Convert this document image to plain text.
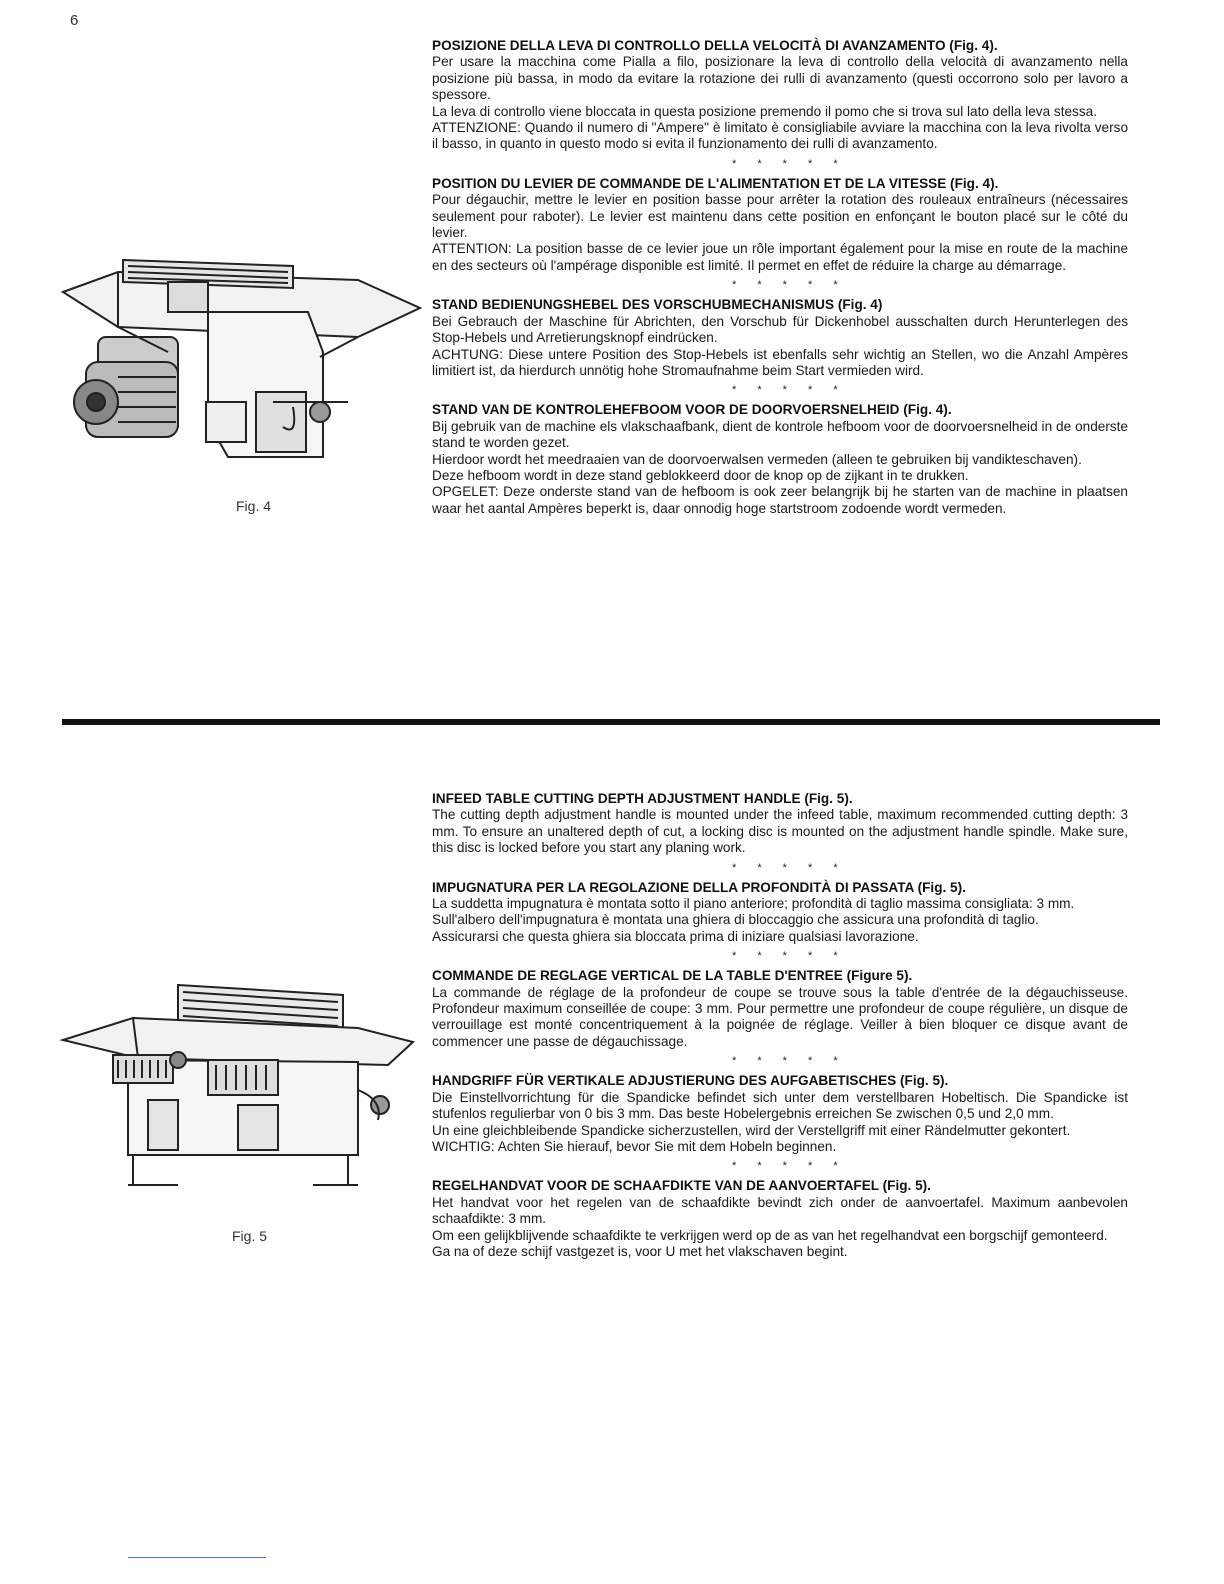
6
Fig. 4
POSIZIONE DELLA LEVA DI CONTROLLO DELLA VELOCITÀ DI AVANZAMENTO (Fig. 4).

Per usare la macchina come Pialla a filo, posizionare la leva di controllo della velocità di avanzamento nella posizione più bassa, in modo da evitare la rotazione dei rulli di avanzamento (questi occorrono solo per lavoro a spessore.

La leva di controllo viene bloccata in questa posizione premendo il pomo che si trova sul lato della leva stessa.

ATTENZIONE: Quando il numero di "Ampere" è limitato è consigliabile avviare la macchina con la leva rivolta verso il basso, in quanto in questo modo si evita il funzionamento dei rulli di avanzamento.

* * * * *
POSITION DU LEVIER DE COMMANDE DE L'ALIMENTATION ET DE LA VITESSE (Fig. 4).

Pour dégauchir, mettre le levier en position basse pour arrêter la rotation des rouleaux entraîneurs (nécessaires seulement pour raboter). Le levier est maintenu dans cette position en enfonçant le bouton placé sur le côté du levier.

ATTENTION: La position basse de ce levier joue un rôle important également pour la mise en route de la machine en des secteurs où l'ampérage disponible est limité. Il permet en effet de réduire la charge au démarrage.

* * * * *
STAND BEDIENUNGSHEBEL DES VORSCHUBMECHANISMUS (Fig. 4)

Bei Gebrauch der Maschine für Abrichten, den Vorschub für Dickenhobel ausschalten durch Herunterlegen des Stop-Hebels und Arretierungsknopf eindrücken.

ACHTUNG: Diese untere Position des Stop-Hebels ist ebenfalls sehr wichtig an Stellen, wo die Anzahl Ampères limitiert ist, da hierdurch unnötig hohe Stromaufnahme beim Start vermieden wird.

* * * * *
STAND VAN DE KONTROLEHEFBOOM VOOR DE DOORVOERSNELHEID (Fig. 4).

Bij gebruik van de machine els vlakschaafbank, dient de kontrole hefboom voor de doorvoersnelheid in de onderste stand te worden gezet.

Hierdoor wordt het meedraaien van de doorvoerwalsen vermeden (alleen te gebruiken bij vandikteschaven).

Deze hefboom wordt in deze stand geblokkeerd door de knop op de zijkant in te drukken.

OPGELET: Deze onderste stand van de hefboom is ook zeer belangrijk bij he starten van de machine in plaatsen waar het aantal Ampères beperkt is, daar onnodig hoge startstroom zodoende wordt vermeden.

Fig. 5
INFEED TABLE CUTTING DEPTH ADJUSTMENT HANDLE (Fig. 5).

The cutting depth adjustment handle is mounted under the infeed table, maximum recommended cutting depth: 3 mm. To ensure an unaltered depth of cut, a locking disc is mounted on the adjustment handle spindle. Make sure, this disc is locked before you start any planing work.

* * * * *
IMPUGNATURA PER LA REGOLAZIONE DELLA PROFONDITÀ DI PASSATA (Fig. 5).

La suddetta impugnatura è montata sotto il piano anteriore; profondità di taglio massima consigliata: 3 mm.

Sull'albero dell'impugnatura è montata una ghiera di bloccaggio che assicura una profondità di taglio.

Assicurarsi che questa ghiera sia bloccata prima di iniziare qualsiasi lavorazione.

* * * * *
COMMANDE DE REGLAGE VERTICAL DE LA TABLE D'ENTREE (Figure 5).

La commande de réglage de la profondeur de coupe se trouve sous la table d'entrée de la dégauchisseuse. Profondeur maximum conseillée de coupe: 3 mm. Pour permettre une profondeur de coupe régulière, un disque de verrouillage est monté concentriquement à la poignée de réglage. Veiller à bien bloquer ce disque avant de commencer une passe de dégauchissage.

* * * * *
HANDGRIFF FÜR VERTIKALE ADJUSTIERUNG DES AUFGABETISCHES (Fig. 5).

Die Einstellvorrichtung für die Spandicke befindet sich unter dem verstellbaren Hobeltisch. Die Spandicke ist stufenlos regulierbar von 0 bis 3 mm. Das beste Hobelergebnis erreichen Se zwischen 0,5 und 2,0 mm.

Un eine gleichbleibende Spandicke sicherzustellen, wird der Verstellgriff mit einer Rändelmutter gekontert.

WICHTIG: Achten Sie hierauf, bevor Sie mit dem Hobeln beginnen.

* * * * *
REGELHANDVAT VOOR DE SCHAAFDIKTE VAN DE AANVOERTAFEL (Fig. 5).

Het handvat voor het regelen van de schaafdikte bevindt zich onder de aanvoertafel. Maximum aanbevolen schaafdikte: 3 mm.

Om een gelijkblijvende schaafdikte te verkrijgen werd op de as van het regelhandvat een borgschijf gemonteerd.

Ga na of deze schijf vastgezet is, voor U met het vlakschaven begint.
